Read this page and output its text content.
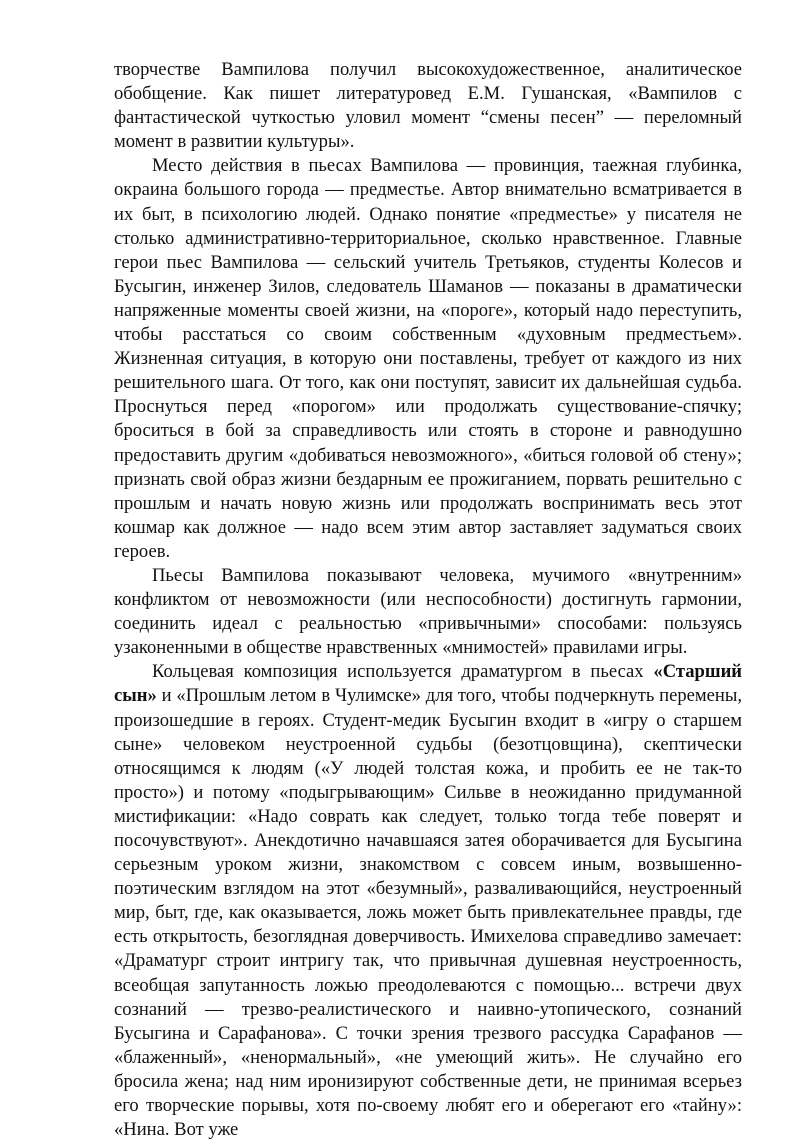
творчестве Вампилова получил высокохудожественное, аналитическое обобщение. Как пишет литературовед Е.М. Гушанская, «Вампилов с фантастической чуткостью уловил момент “смены песен” — переломный момент в развитии культуры».

Место действия в пьесах Вампилова — провинция, таежная глубинка, окраина большого города — предместье. Автор внимательно всматривается в их быт, в психологию людей. Однако понятие «предместье» у писателя не столько административно-территориальное, сколько нравственное. Главные герои пьес Вампилова — сельский учитель Третьяков, студенты Колесов и Бусыгин, инженер Зилов, следователь Шаманов — показаны в драматически напряженные моменты своей жизни, на «пороге», который надо переступить, чтобы расстаться со своим собственным «духовным предместьем». Жизненная ситуация, в которую они поставлены, требует от каждого из них решительного шага. От того, как они поступят, зависит их дальнейшая судьба. Проснуться перед «порогом» или продолжать существование-спячку; броситься в бой за справедливость или стоять в стороне и равнодушно предоставить другим «добиваться невозможного», «биться головой об стену»; признать свой образ жизни бездарным ее прожиганием, порвать решительно с прошлым и начать новую жизнь или продолжать воспринимать весь этот кошмар как должное — надо всем этим автор заставляет задуматься своих героев.

Пьесы Вампилова показывают человека, мучимого «внутренним» конфликтом от невозможности (или неспособности) достигнуть гармонии, соединить идеал с реальностью «привычными» способами: пользуясь узаконенными в обществе нравственных «мнимостей» правилами игры.

Кольцевая композиция используется драматургом в пьесах «Старший сын» и «Прошлым летом в Чулимске» для того, чтобы подчеркнуть перемены, произошедшие в героях. Студент-медик Бусыгин входит в «игру о старшем сыне» человеком неустроенной судьбы (безотцовщина), скептически относящимся к людям («У людей толстая кожа, и пробить ее не так-то просто») и потому «подыгрывающим» Сильве в неожиданно придуманной мистификации: «Надо соврать как следует, только тогда тебе поверят и посочувствуют». Анекдотично начавшаяся затея оборачивается для Бусыгина серьезным уроком жизни, знакомством с совсем иным, возвышенно-поэтическим взглядом на этот «безумный», разваливающийся, неустроенный мир, быт, где, как оказывается, ложь может быть привлекательнее правды, где есть открытость, безоглядная доверчивость. Имихелова справедливо замечает: «Драматург строит интригу так, что привычная душевная неустроенность, всеобщая запутанность ложью преодолеваются с помощью... встречи двух сознаний — трезво-реалистического и наивно-утопического, сознаний Бусыгина и Сарафанова». С точки зрения трезвого рассудка Сарафанов — «блаженный», «ненормальный», «не умеющий жить». Не случайно его бросила жена; над ним иронизируют собственные дети, не принимая всерьез его творческие порывы, хотя по-своему любят его и оберегают его «тайну»: «Нина. Вот уже
